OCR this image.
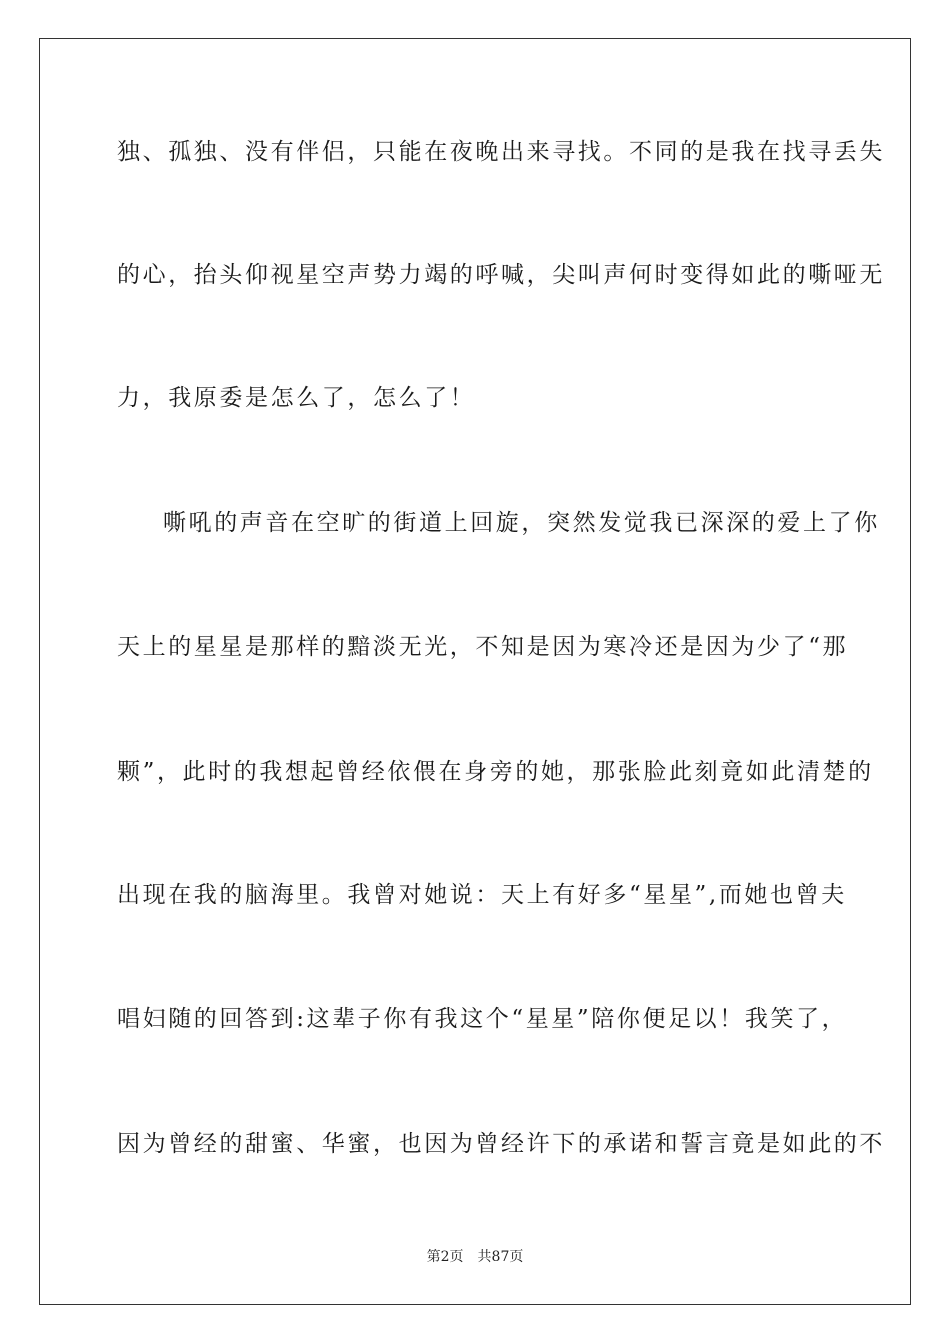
独、孤独、没有伴侣，只能在夜晚出来寻找。不同的是我在找寻丢失
的心，抬头仰视星空声势力竭的呼喊，尖叫声何时变得如此的嘶哑无
力，我原委是怎么了，怎么了！
嘶吼的声音在空旷的街道上回旋，突然发觉我已深深的爱上了你
天上的星星是那样的黯淡无光，不知是因为寒冷还是因为少了“那
颗”，此时的我想起曾经依偎在身旁的她，那张脸此刻竟如此清楚的
出现在我的脑海里。我曾对她说：天上有好多“星星”,而她也曾夫
唱妇随的回答到:这辈子你有我这个“星星”陪你便足以！我笑了，
因为曾经的甜蜜、华蜜，也因为曾经许下的承诺和誓言竟是如此的不
第2页 共87页
